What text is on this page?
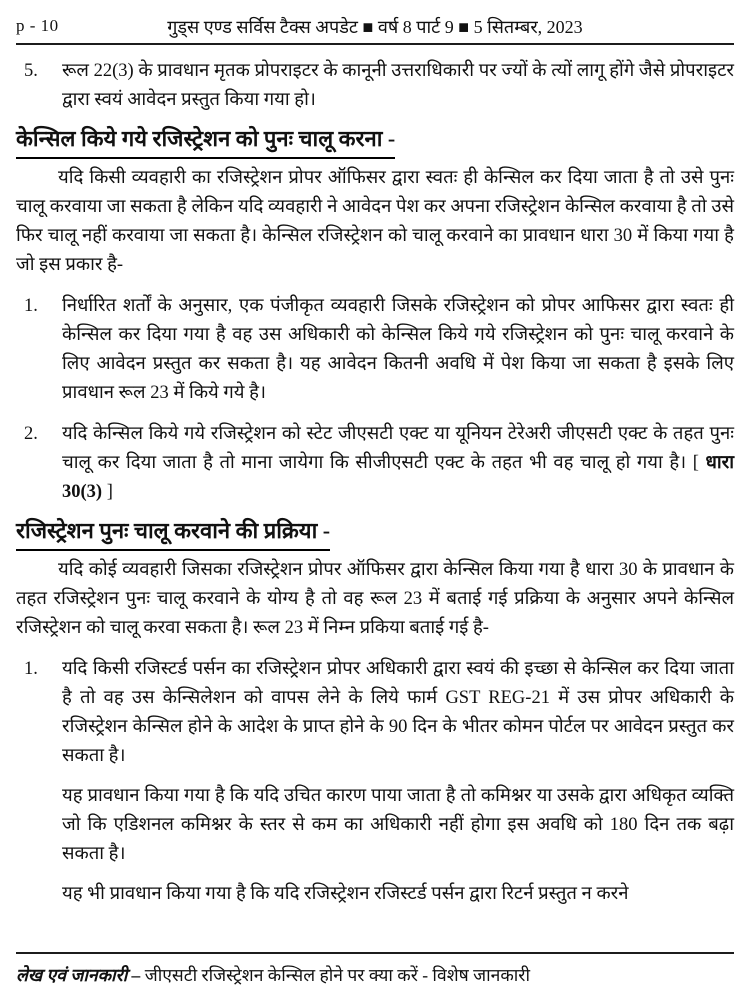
p - 10	गुड्स एण्ड सर्विस टैक्स अपडेट ■ वर्ष 8 पार्ट 9 ■ 5 सितम्बर, 2023
5. रूल 22(3) के प्रावधान मृतक प्रोपराइटर के कानूनी उत्तराधिकारी पर ज्यों के त्यों लागू होंगे जैसे प्रोपराइटर द्वारा स्वयं आवेदन प्रस्तुत किया गया हो।
केन्सिल किये गये रजिस्ट्रेशन को पुनः चालू करना -
यदि किसी व्यवहारी का रजिस्ट्रेशन प्रोपर ऑफिसर द्वारा स्वतः ही केन्सिल कर दिया जाता है तो उसे पुनः चालू करवाया जा सकता है लेकिन यदि व्यवहारी ने आवेदन पेश कर अपना रजिस्ट्रेशन केन्सिल करवाया है तो उसे फिर चालू नहीं करवाया जा सकता है। केन्सिल रजिस्ट्रेशन को चालू करवाने का प्रावधान धारा 30 में किया गया है जो इस प्रकार है-
1. निर्धारित शर्तों के अनुसार, एक पंजीकृत व्यवहारी जिसके रजिस्ट्रेशन को प्रोपर आफिसर द्वारा स्वतः ही केन्सिल कर दिया गया है वह उस अधिकारी को केन्सिल किये गये रजिस्ट्रेशन को पुनः चालू करवाने के लिए आवेदन प्रस्तुत कर सकता है। यह आवेदन कितनी अवधि में पेश किया जा सकता है इसके लिए प्रावधान रूल 23 में किये गये है।
2. यदि केन्सिल किये गये रजिस्ट्रेशन को स्टेट जीएसटी एक्ट या यूनियन टेरेअरी जीएसटी एक्ट के तहत पुनः चालू कर दिया जाता है तो माना जायेगा कि सीजीएसटी एक्ट के तहत भी वह चालू हो गया है। [ धारा 30(3) ]
रजिस्ट्रेशन पुनः चालू करवाने की प्रक्रिया -
यदि कोई व्यवहारी जिसका रजिस्ट्रेशन प्रोपर ऑफिसर द्वारा केन्सिल किया गया है धारा 30 के प्रावधान के तहत रजिस्ट्रेशन पुनः चालू करवाने के योग्य है तो वह रूल 23 में बताई गई प्रक्रिया के अनुसार अपने केन्सिल रजिस्ट्रेशन को चालू करवा सकता है। रूल 23 में निम्न प्रकिया बताई गई है-
1. यदि किसी रजिस्टर्ड पर्सन का रजिस्ट्रेशन प्रोपर अधिकारी द्वारा स्वयं की इच्छा से केन्सिल कर दिया जाता है तो वह उस केन्सिलेशन को वापस लेने के लिये फार्म GST REG-21 में उस प्रोपर अधिकारी के रजिस्ट्रेशन केन्सिल होने के आदेश के प्राप्त होने के 90 दिन के भीतर कोमन पोर्टल पर आवेदन प्रस्तुत कर सकता है।
यह प्रावधान किया गया है कि यदि उचित कारण पाया जाता है तो कमिश्नर या उसके द्वारा अधिकृत व्यक्ति जो कि एडिशनल कमिश्नर के स्तर से कम का अधिकारी नहीं होगा इस अवधि को 180 दिन तक बढ़ा सकता है।
यह भी प्रावधान किया गया है कि यदि रजिस्ट्रेशन रजिस्टर्ड पर्सन द्वारा रिटर्न प्रस्तुत न करने
लेख एवं जानकारी – जीएसटी रजिस्ट्रेशन केन्सिल होने पर क्या करें - विशेष जानकारी
